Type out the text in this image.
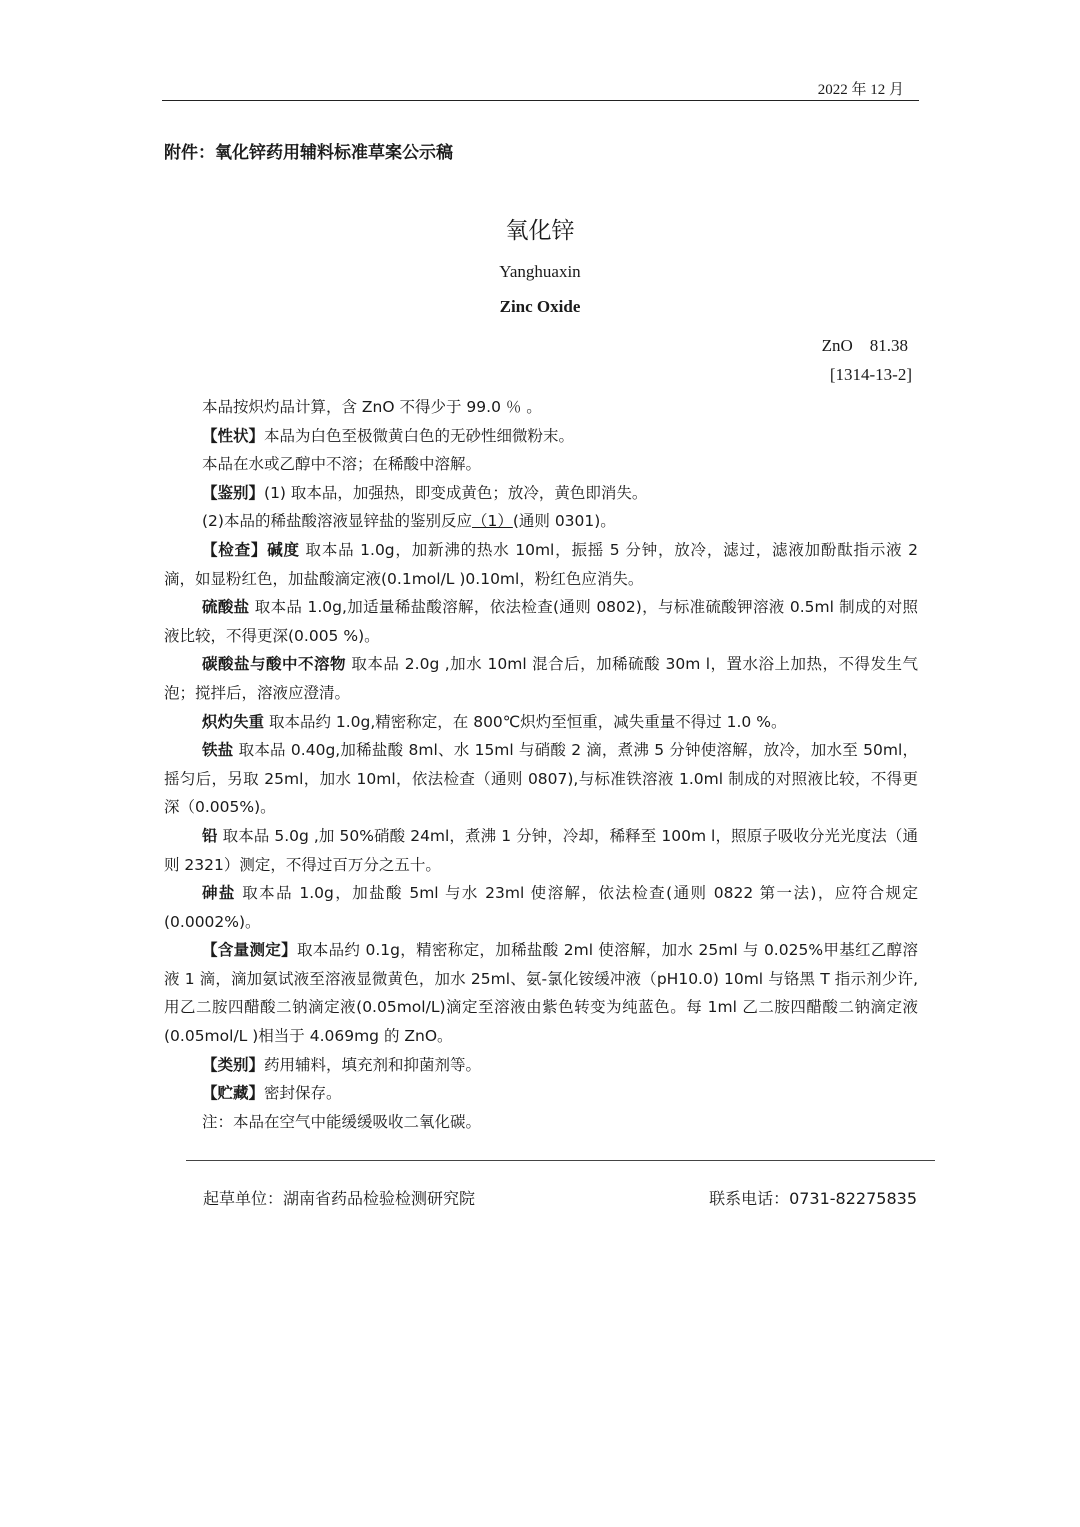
2022 年 12 月
附件：氧化锌药用辅料标准草案公示稿
氧化锌
Yanghuaxin
Zinc Oxide
ZnO　81.38
[1314-13-2]

本品按炽灼品计算，含 ZnO 不得少于 99.0 ％ 。

【性状】本品为白色至极微黄白色的无砂性细微粉末。

本品在水或乙醇中不溶；在稀酸中溶解。

【鉴别】(1) 取本品，加强热，即变成黄色；放冷，黄色即消失。

(2)本品的稀盐酸溶液显锌盐的鉴别反应（1）(通则 0301)。

【检查】碱度 取本品 1.0g，加新沸的热水 10ml，振摇 5 分钟，放冷，滤过，滤液加酚酞指示液 2 滴，如显粉红色，加盐酸滴定液(0.1mol/L )0.10ml，粉红色应消失。

硫酸盐 取本品 1.0g,加适量稀盐酸溶解，依法检查(通则 0802)，与标准硫酸钾溶液 0.5ml 制成的对照液比较，不得更深(0.005 %)。

碳酸盐与酸中不溶物 取本品 2.0g ,加水 10ml 混合后，加稀硫酸 30m l，置水浴上加热，不得发生气泡；搅拌后，溶液应澄清。

炽灼失重 取本品约 1.0g,精密称定，在 800℃炽灼至恒重，减失重量不得过 1.0 %。

铁盐 取本品 0.40g,加稀盐酸 8ml、水 15ml 与硝酸 2 滴，煮沸 5 分钟使溶解，放冷，加水至 50ml，摇匀后，另取 25ml，加水 10ml，依法检查（通则 0807),与标准铁溶液 1.0ml 制成的对照液比较，不得更深（0.005%)。

铅 取本品 5.0g ,加 50%硝酸 24ml，煮沸 1 分钟，冷却，稀释至 100m l，照原子吸收分光光度法（通则 2321）测定，不得过百万分之五十。

砷盐 取本品 1.0g，加盐酸 5ml 与水 23ml 使溶解，依法检查(通则 0822 第一法)，应符合规定(0.0002%)。

【含量测定】取本品约 0.1g，精密称定，加稀盐酸 2ml 使溶解，加水 25ml 与 0.025%甲基红乙醇溶液 1 滴，滴加氨试液至溶液显微黄色，加水 25ml、氨-氯化铵缓冲液（pH10.0) 10ml 与铬黑 T 指示剂少许,用乙二胺四醋酸二钠滴定液(0.05mol/L)滴定至溶液由紫色转变为纯蓝色。每 1ml 乙二胺四醋酸二钠滴定液(0.05mol/L )相当于 4.069mg 的 ZnO。

【类别】药用辅料，填充剂和抑菌剂等。

【贮藏】密封保存。

注：本品在空气中能缓缓吸收二氧化碳。

起草单位：湖南省药品检验检测研究院	联系电话：0731-82275835
